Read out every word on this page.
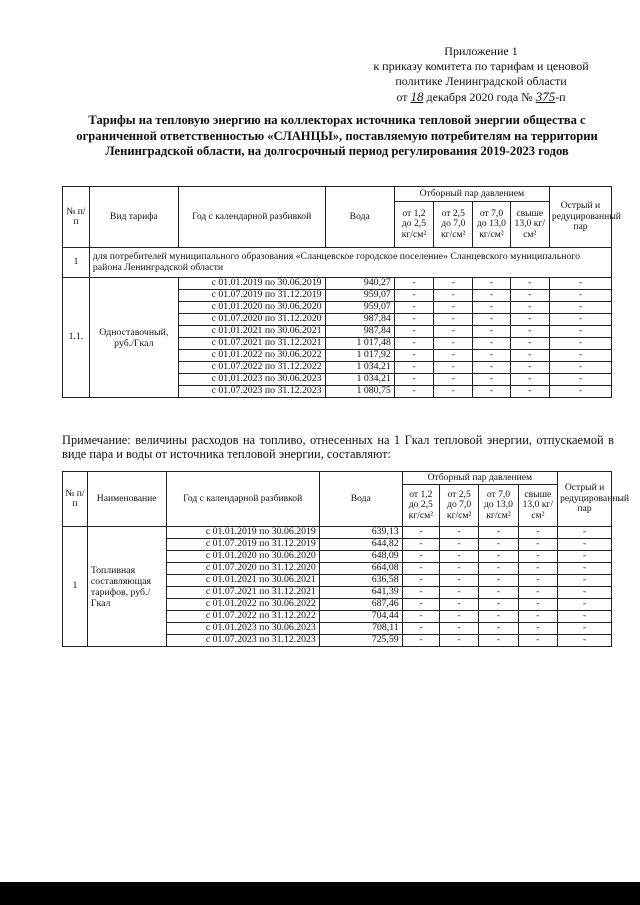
Приложение 1
к приказу комитета по тарифам и ценовой
политике Ленинградской области
от 18 декабря 2020 года № 375-п
Тарифы на тепловую энергию на коллекторах источника тепловой энергии общества с ограниченной ответственностью «СЛАНЦЫ», поставляемую потребителям на территории Ленинградской области, на долгосрочный период регулирования 2019-2023 годов
№ п/п	Вид тарифа	Год с календарной разбивкой	Вода	Отборный пар давлением				Острый и редуцированный пар
				от 1,2 до 2,5 кг/см²	от 2,5 до 7,0 кг/см²	от 7,0 до 13,0 кг/см²	свыше 13,0 кг/см²	
1	для потребителей муниципального образования «Сланцевское городское поселение» Сланцевского муниципального района Ленинградской области							
1.1.	Одноставочный, руб./Гкал	с 01.01.2019 по 30.06.2019	940,27	-	-	-	-	-
		с 01.07.2019 по 31.12.2019	959,07	-	-	-	-	-
		с 01.01.2020 по 30.06.2020	959,07	-	-	-	-	-
		с 01.07.2020 по 31.12.2020	987,84	-	-	-	-	-
		с 01.01.2021 по 30.06.2021	987,84	-	-	-	-	-
		с 01.07.2021 по 31.12.2021	1 017,48	-	-	-	-	-
		с 01.01.2022 по 30.06.2022	1 017,92	-	-	-	-	-
		с 01.07.2022 по 31.12.2022	1 034,21	-	-	-	-	-
		с 01.01.2023 по 30.06.2023	1 034,21	-	-	-	-	-
		с 01.07.2023 по 31.12.2023	1 080,75	-	-	-	-	-
Примечание: величины расходов на топливо, отнесенных на 1 Гкал тепловой энергии, отпускаемой в виде пара и воды от источника тепловой энергии, составляют:
№ п/п	Наименование	Год с календарной разбивкой	Вода	Отборный пар давлением				Острый и редуцированный пар
				от 1,2 до 2,5 кг/см²	от 2,5 до 7,0 кг/см²	от 7,0 до 13,0 кг/см²	свыше 13,0 кг/см²	
1	Топливная составляющая тарифов, руб./Гкал	с 01.01.2019 по 30.06.2019	639,13	-	-	-	-	-
		с 01.07.2019 по 31.12.2019	644,82	-	-	-	-	-
		с 01.01.2020 по 30.06.2020	648,09	-	-	-	-	-
		с 01.07.2020 по 31.12.2020	664,08	-	-	-	-	-
		с 01.01.2021 по 30.06.2021	636,58	-	-	-	-	-
		с 01.07.2021 по 31.12.2021	641,39	-	-	-	-	-
		с 01.01.2022 по 30.06.2022	687,46	-	-	-	-	-
		с 01.07.2022 по 31.12.2022	704,44	-	-	-	-	-
		с 01.01.2023 по 30.06.2023	708,11	-	-	-	-	-
		с 01.07.2023 по 31.12.2023	725,59	-	-	-	-	-
